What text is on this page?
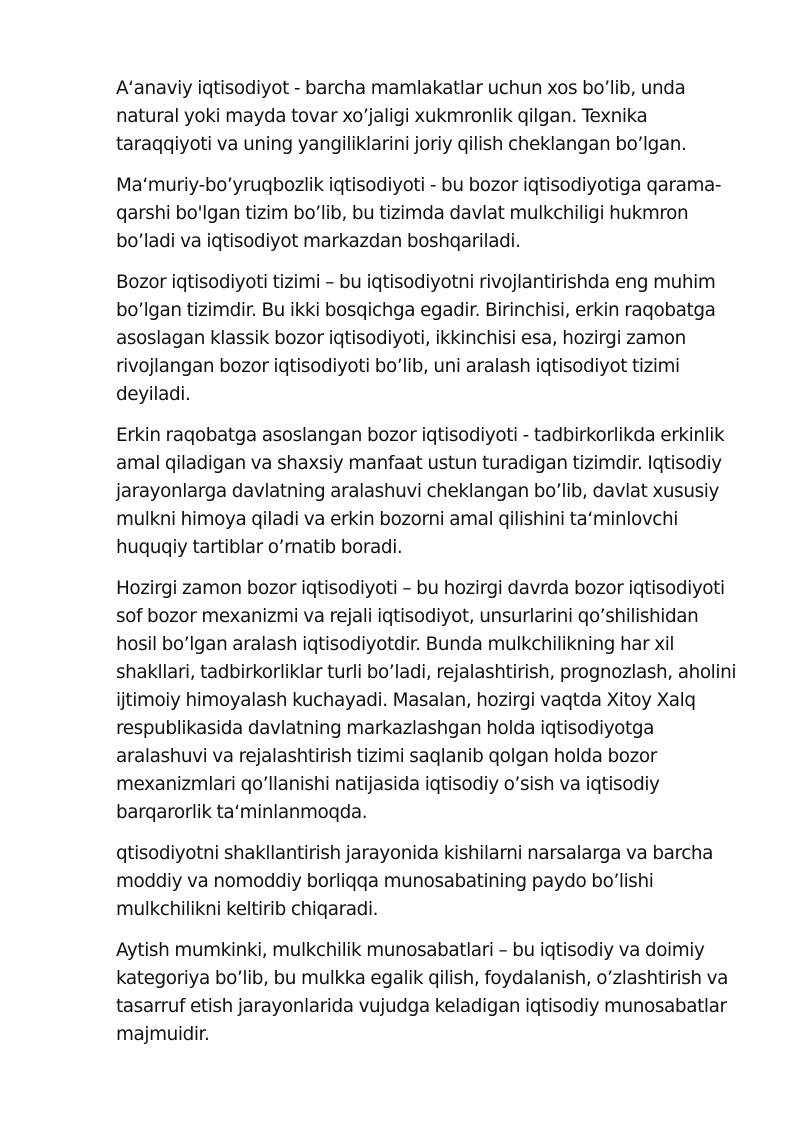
Aʻanaviy iqtisodiyot - barcha mamlakatlar uchun xos bo’lib, unda natural yoki mayda tovar xo’jaligi xukmronlik qilgan. Texnika taraqqiyoti va uning yangiliklarini joriy qilish cheklangan bo’lgan.

Maʻmuriy-bo’yruqbozlik iqtisodiyoti - bu bozor iqtisodiyotiga qarama-qarshi bo'lgan tizim bo’lib, bu tizimda davlat mulkchiligi hukmron bo’ladi va iqtisodiyot markazdan boshqariladi.

Bozor iqtisodiyoti tizimi – bu iqtisodiyotni rivojlantirishda eng muhim bo’lgan tizimdir. Bu ikki bosqichga egadir. Birinchisi, erkin raqobatga asoslagan klassik bozor iqtisodiyoti, ikkinchisi esa, hozirgi zamon rivojlangan bozor iqtisodiyoti bo’lib, uni aralash iqtisodiyot tizimi deyiladi.

Erkin raqobatga asoslangan bozor iqtisodiyoti - tadbirkorlikda erkinlik amal qiladigan va shaxsiy manfaat ustun turadigan tizimdir. Iqtisodiy jarayonlarga davlatning aralashuvi cheklangan bo’lib, davlat xususiy mulkni himoya qiladi va erkin bozorni amal qilishini taʻminlovchi huquqiy tartiblar o’rnatib boradi.

Hozirgi zamon bozor iqtisodiyoti – bu hozirgi davrda bozor iqtisodiyoti sof bozor mexanizmi va rejali iqtisodiyot, unsurlarini qo’shilishidan hosil bo’lgan aralash iqtisodiyotdir. Bunda mulkchilikning har xil shakllari, tadbirkorliklar turli bo’ladi, rejalashtirish, prognozlash, aholini ijtimoiy himoyalash kuchayadi. Masalan, hozirgi vaqtda Xitoy Xalq respublikasida davlatning markazlashgan holda iqtisodiyotga aralashuvi va rejalashtirish tizimi saqlanib qolgan holda bozor mexanizmlari qo’llanishi natijasida iqtisodiy o’sish va iqtisodiy barqarorlik taʻminlanmoqda.

qtisodiyotni shakllantirish jarayonida kishilarni narsalarga va barcha moddiy va nomoddiy borliqqa munosabatining paydo bo’lishi mulkchilikni keltirib chiqaradi.

Aytish mumkinki, mulkchilik munosabatlari – bu iqtisodiy va doimiy kategoriya bo’lib, bu mulkka egalik qilish, foydalanish, o’zlashtirish va tasarruf etish jarayonlarida vujudga keladigan iqtisodiy munosabatlar majmuidir.
